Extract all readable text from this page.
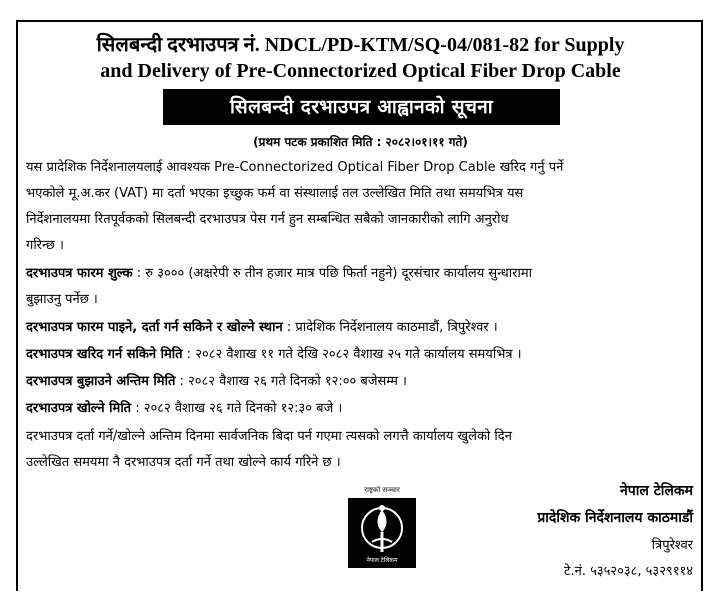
सिलबन्दी दरभाउपत्र नं. NDCL/PD-KTM/SQ-04/081-82 for Supply
and Delivery of Pre-Connectorized Optical Fiber Drop Cable
सिलबन्दी दरभाउपत्र आह्वानको सूचना
(प्रथम पटक प्रकाशित मिति : २०८२।०१।११ गते)
यस प्रादेशिक निर्देशनालयलाई आवश्यक Pre-Connectorized Optical Fiber Drop Cable खरिद गर्नु पर्ने
भएकोले मू.अ.कर (VAT) मा दर्ता भएका इच्छुक फर्म वा संस्थालाई तल उल्लेखित मिति तथा समयभित्र यस
निर्देशनालयमा रितपूर्वकको सिलबन्दी दरभाउपत्र पेस गर्न हुन सम्बन्धित सबैको जानकारीको लागि अनुरोध
गरिन्छ ।
दरभाउपत्र फारम शुल्क : रु ३००० (अक्षरेपी रु तीन हजार मात्र पछि फिर्ता नहुने) दूरसंचार कार्यालय सुन्धारामा
बुझाउनु पर्नेछ ।
दरभाउपत्र फारम पाइने, दर्ता गर्न सकिने र खोल्ने स्थान : प्रादेशिक निर्देशनालय काठमाडौं, त्रिपुरेश्वर ।
दरभाउपत्र खरिद गर्न सकिने मिति : २०८२ वैशाख ११ गते देखि २०८२ वैशाख २५ गते कार्यालय समयभित्र ।
दरभाउपत्र बुझाउने अन्तिम मिति : २०८२ वैशाख २६ गते दिनको १२:०० बजेसम्म ।
दरभाउपत्र खोल्ने मिति : २०८२ वैशाख २६ गते दिनको १२:३० बजे ।
दरभाउपत्र दर्ता गर्ने/खोल्ने अन्तिम दिनमा सार्वजनिक बिदा पर्न गएमा त्यसको लगत्तै कार्यालय खुलेको दिन
उल्लेखित समयमा नै दरभाउपत्र दर्ता गर्ने तथा खोल्ने कार्य गरिने छ ।
राष्ट्रको सञ्चार
नेपाल टेलिकम
नेपाल टेलिकम
प्रादेशिक निर्देशनालय काठमाडौं
त्रिपुरेश्वर
टे.नं. ५३५२०३८, ५३२९११४
